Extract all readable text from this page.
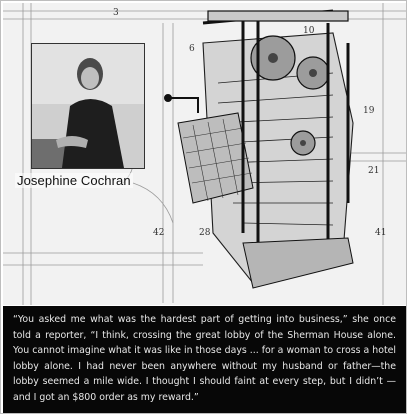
3
6
10
19
21
28
42	41
Josephine Cochran

“You asked me what was the hardest part of getting into business,” she once told a reporter, “I think, crossing the great lobby of the Sherman House alone. You cannot imagine what it was like in those days ... for a woman to cross a hotel lobby alone. I had never been anywhere without my husband or father—the lobby seemed a mile wide. I thought I should faint at every step, but I didn’t — and I got an $800 order as my reward.”
